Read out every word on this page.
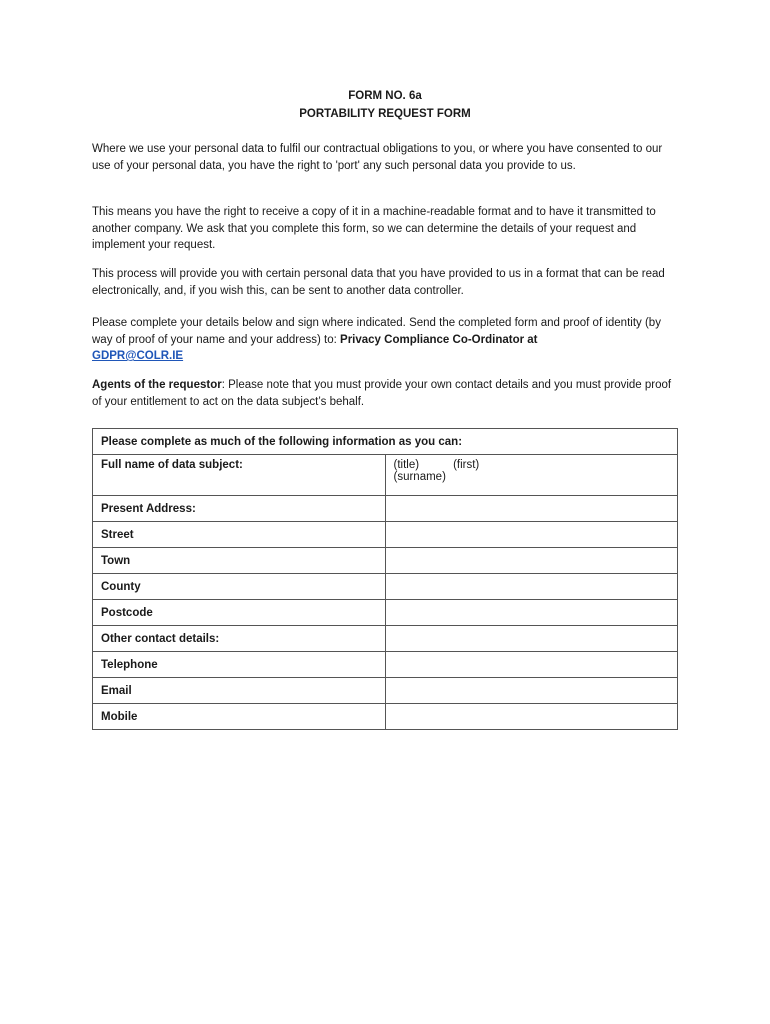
FORM NO. 6a
PORTABILITY REQUEST FORM

Where we use your personal data to fulfil our contractual obligations to you, or where you have consented to our use of your personal data, you have the right to 'port' any such personal data you provide to us.

This means you have the right to receive a copy of it in a machine-readable format and to have it transmitted to another company. We ask that you complete this form, so we can determine the details of your request and implement your request.

This process will provide you with certain personal data that you have provided to us in a format that can be read electronically, and, if you wish this, can be sent to another data controller.

Please complete your details below and sign where indicated. Send the completed form and proof of identity (by way of proof of your name and your address) to: Privacy Compliance Co-Ordinator at
GDPR@COLR.IE

Agents of the requestor: Please note that you must provide your own contact details and you must provide proof of your entitlement to act on the data subject’s behalf.

Please complete as much of the following information as you can:	
Full name of data subject:	(title) (first)
(surname)
Present Address:	
Street	
Town	
County	
Postcode	
Other contact details:	
Telephone	
Email	
Mobile	
